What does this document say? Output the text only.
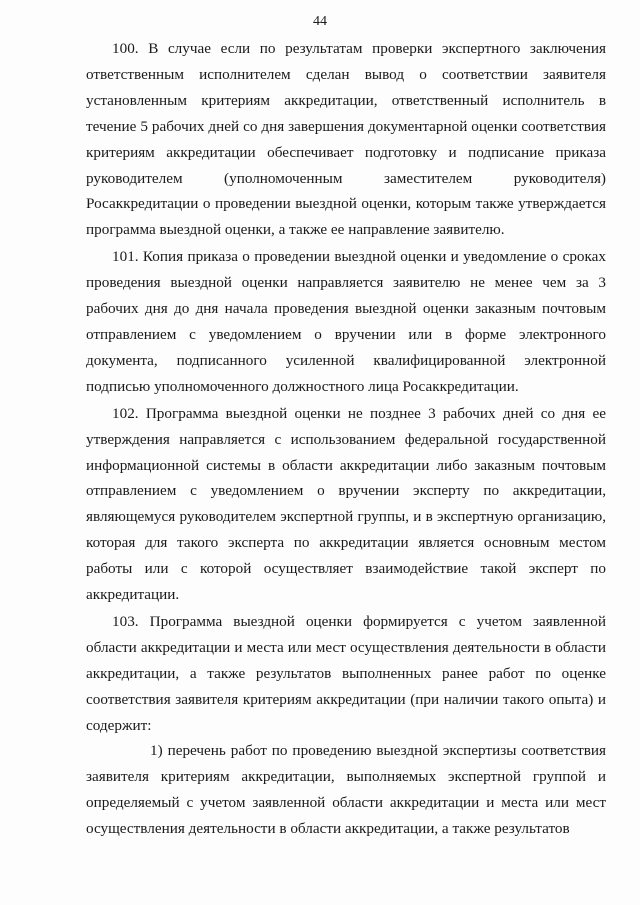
44

100. В случае если по результатам проверки экспертного заключения ответственным исполнителем сделан вывод о соответствии заявителя установленным критериям аккредитации, ответственный исполнитель в течение 5 рабочих дней со дня завершения документарной оценки соответствия критериям аккредитации обеспечивает подготовку и подписание приказа руководителем (уполномоченным заместителем руководителя) Росаккредитации о проведении выездной оценки, которым также утверждается программа выездной оценки, а также ее направление заявителю.

101. Копия приказа о проведении выездной оценки и уведомление о сроках проведения выездной оценки направляется заявителю не менее чем за 3 рабочих дня до дня начала проведения выездной оценки заказным почтовым отправлением с уведомлением о вручении или в форме электронного документа, подписанного усиленной квалифицированной электронной подписью уполномоченного должностного лица Росаккредитации.

102. Программа выездной оценки не позднее 3 рабочих дней со дня ее утверждения направляется с использованием федеральной государственной информационной системы в области аккредитации либо заказным почтовым отправлением с уведомлением о вручении эксперту по аккредитации, являющемуся руководителем экспертной группы, и в экспертную организацию, которая для такого эксперта по аккредитации является основным местом работы или с которой осуществляет взаимодействие такой эксперт по аккредитации.

103. Программа выездной оценки формируется с учетом заявленной области аккредитации и места или мест осуществления деятельности в области аккредитации, а также результатов выполненных ранее работ по оценке соответствия заявителя критериям аккредитации (при наличии такого опыта) и содержит:

1) перечень работ по проведению выездной экспертизы соответствия заявителя критериям аккредитации, выполняемых экспертной группой и определяемый с учетом заявленной области аккредитации и места или мест осуществления деятельности в области аккредитации, а также результатов
